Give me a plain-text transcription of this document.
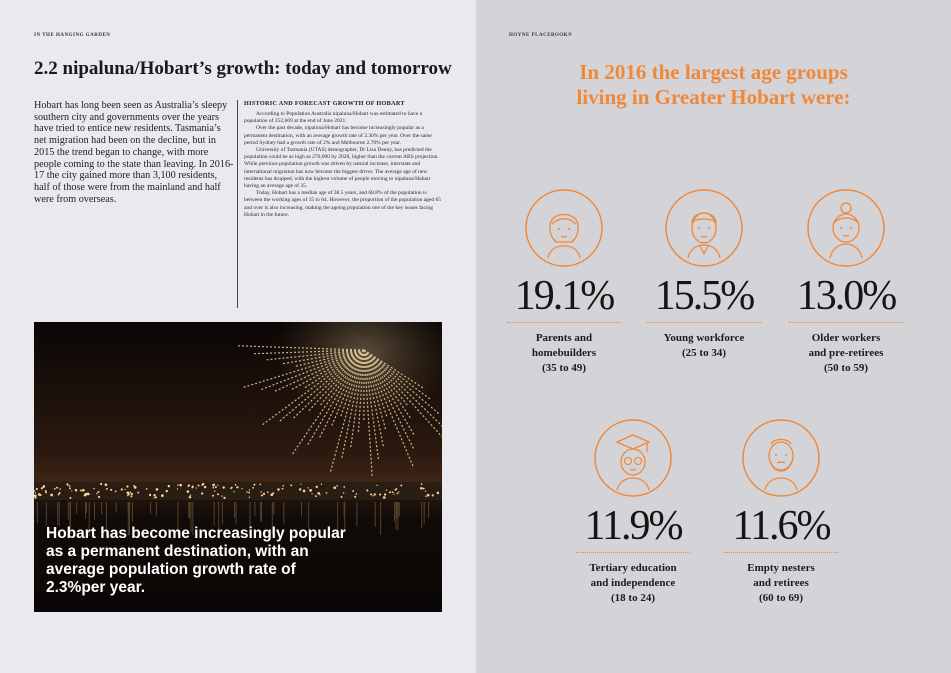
IN THE HANGING GARDEN
2.2 nipaluna/Hobart’s growth: today and tomorrow
Hobart has long been seen as Australia’s sleepy southern city and governments over the years have tried to entice new residents. Tasmania’s net migration had been on the decline, but in 2015 the trend began to change, with more people coming to the state than leaving. In 2016-17 the city gained more than 3,100 residents, half of those were from the mainland and half were from overseas.
HISTORIC AND FORECAST GROWTH OF HOBART

According to Population Australia nipaluna/Hobart was estimated to have a population of 252,669 at the end of June 2021.

Over the past decade, nipaluna/Hobart has become increasingly popular as a permanent destination, with an average growth rate of 2.30% per year. Over the same period Sydney had a growth rate of 2% and Melbourne 2.70% per year.

University of Tasmania (UTAS) demographer, Dr Lisa Denny, has predicted the population could be as high as 270,000 by 2028, higher than the current ABS projection. While previous population growth was driven by natural increase, interstate and international migration has now become the biggest driver. The average age of new residents has dropped, with the highest volume of people moving to nipaluna/Hobart having an average age of 35.

Today, Hobart has a median age of 38.5 years, and 68.8% of the population is between the working ages of 15 to 64. However, the proportion of the population aged 65 and over is also increasing, making the ageing population one of the key issues facing Hobart in the future.

Hobart has become increasingly popular as a permanent destination, with an average population growth rate of 2.3%per year.
HOYNE PLACEBOOK®
In 2016 the largest age groups
living in Greater Hobart were:
19.1%
Parents and
homebuilders
(35 to 49)
15.5%
Young workforce
(25 to 34)
13.0%
Older workers
and pre-retirees
(50 to 59)
11.9%
Tertiary education
and independence
(18 to 24)
11.6%
Empty nesters
and retirees
(60 to 69)
